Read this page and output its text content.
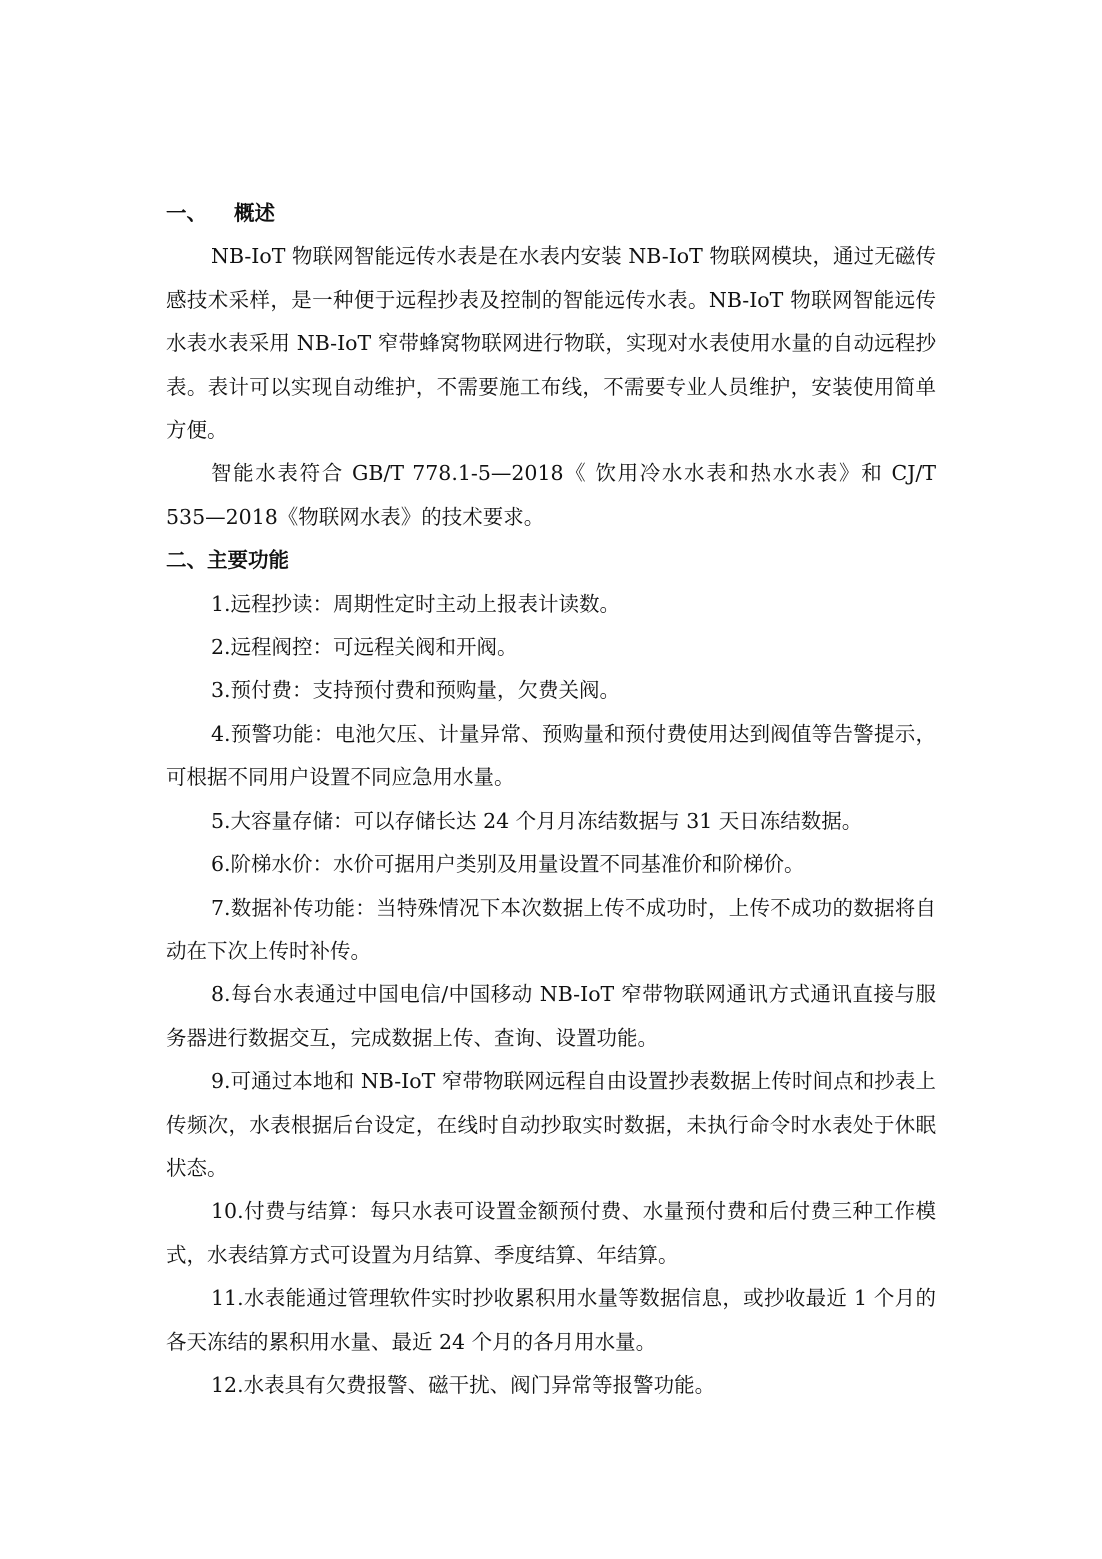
一、 概述

NB-IoT 物联网智能远传水表是在水表内安装 NB-IoT 物联网模块，通过无磁传感技术采样，是一种便于远程抄表及控制的智能远传水表。NB-IoT 物联网智能远传水表水表采用 NB-IoT 窄带蜂窝物联网进行物联，实现对水表使用水量的自动远程抄表。表计可以实现自动维护，不需要施工布线，不需要专业人员维护，安装使用简单方便。

智能水表符合 GB/T 778.1-5—2018《 饮用冷水水表和热水水表》和 CJ/T 535—2018《物联网水表》的技术要求。

二、主要功能

1.远程抄读：周期性定时主动上报表计读数。

2.远程阀控：可远程关阀和开阀。

3.预付费：支持预付费和预购量，欠费关阀。

4.预警功能：电池欠压、计量异常、预购量和预付费使用达到阀值等告警提示，可根据不同用户设置不同应急用水量。

5.大容量存储：可以存储长达 24 个月月冻结数据与 31 天日冻结数据。

6.阶梯水价：水价可据用户类别及用量设置不同基准价和阶梯价。

7.数据补传功能：当特殊情况下本次数据上传不成功时，上传不成功的数据将自动在下次上传时补传。

8.每台水表通过中国电信/中国移动 NB-IoT 窄带物联网通讯方式通讯直接与服务器进行数据交互，完成数据上传、查询、设置功能。

9.可通过本地和 NB-IoT 窄带物联网远程自由设置抄表数据上传时间点和抄表上传频次，水表根据后台设定，在线时自动抄取实时数据，未执行命令时水表处于休眠状态。

10.付费与结算：每只水表可设置金额预付费、水量预付费和后付费三种工作模式，水表结算方式可设置为月结算、季度结算、年结算。

11.水表能通过管理软件实时抄收累积用水量等数据信息，或抄收最近 1 个月的各天冻结的累积用水量、最近 24 个月的各月用水量。

12.水表具有欠费报警、磁干扰、阀门异常等报警功能。
